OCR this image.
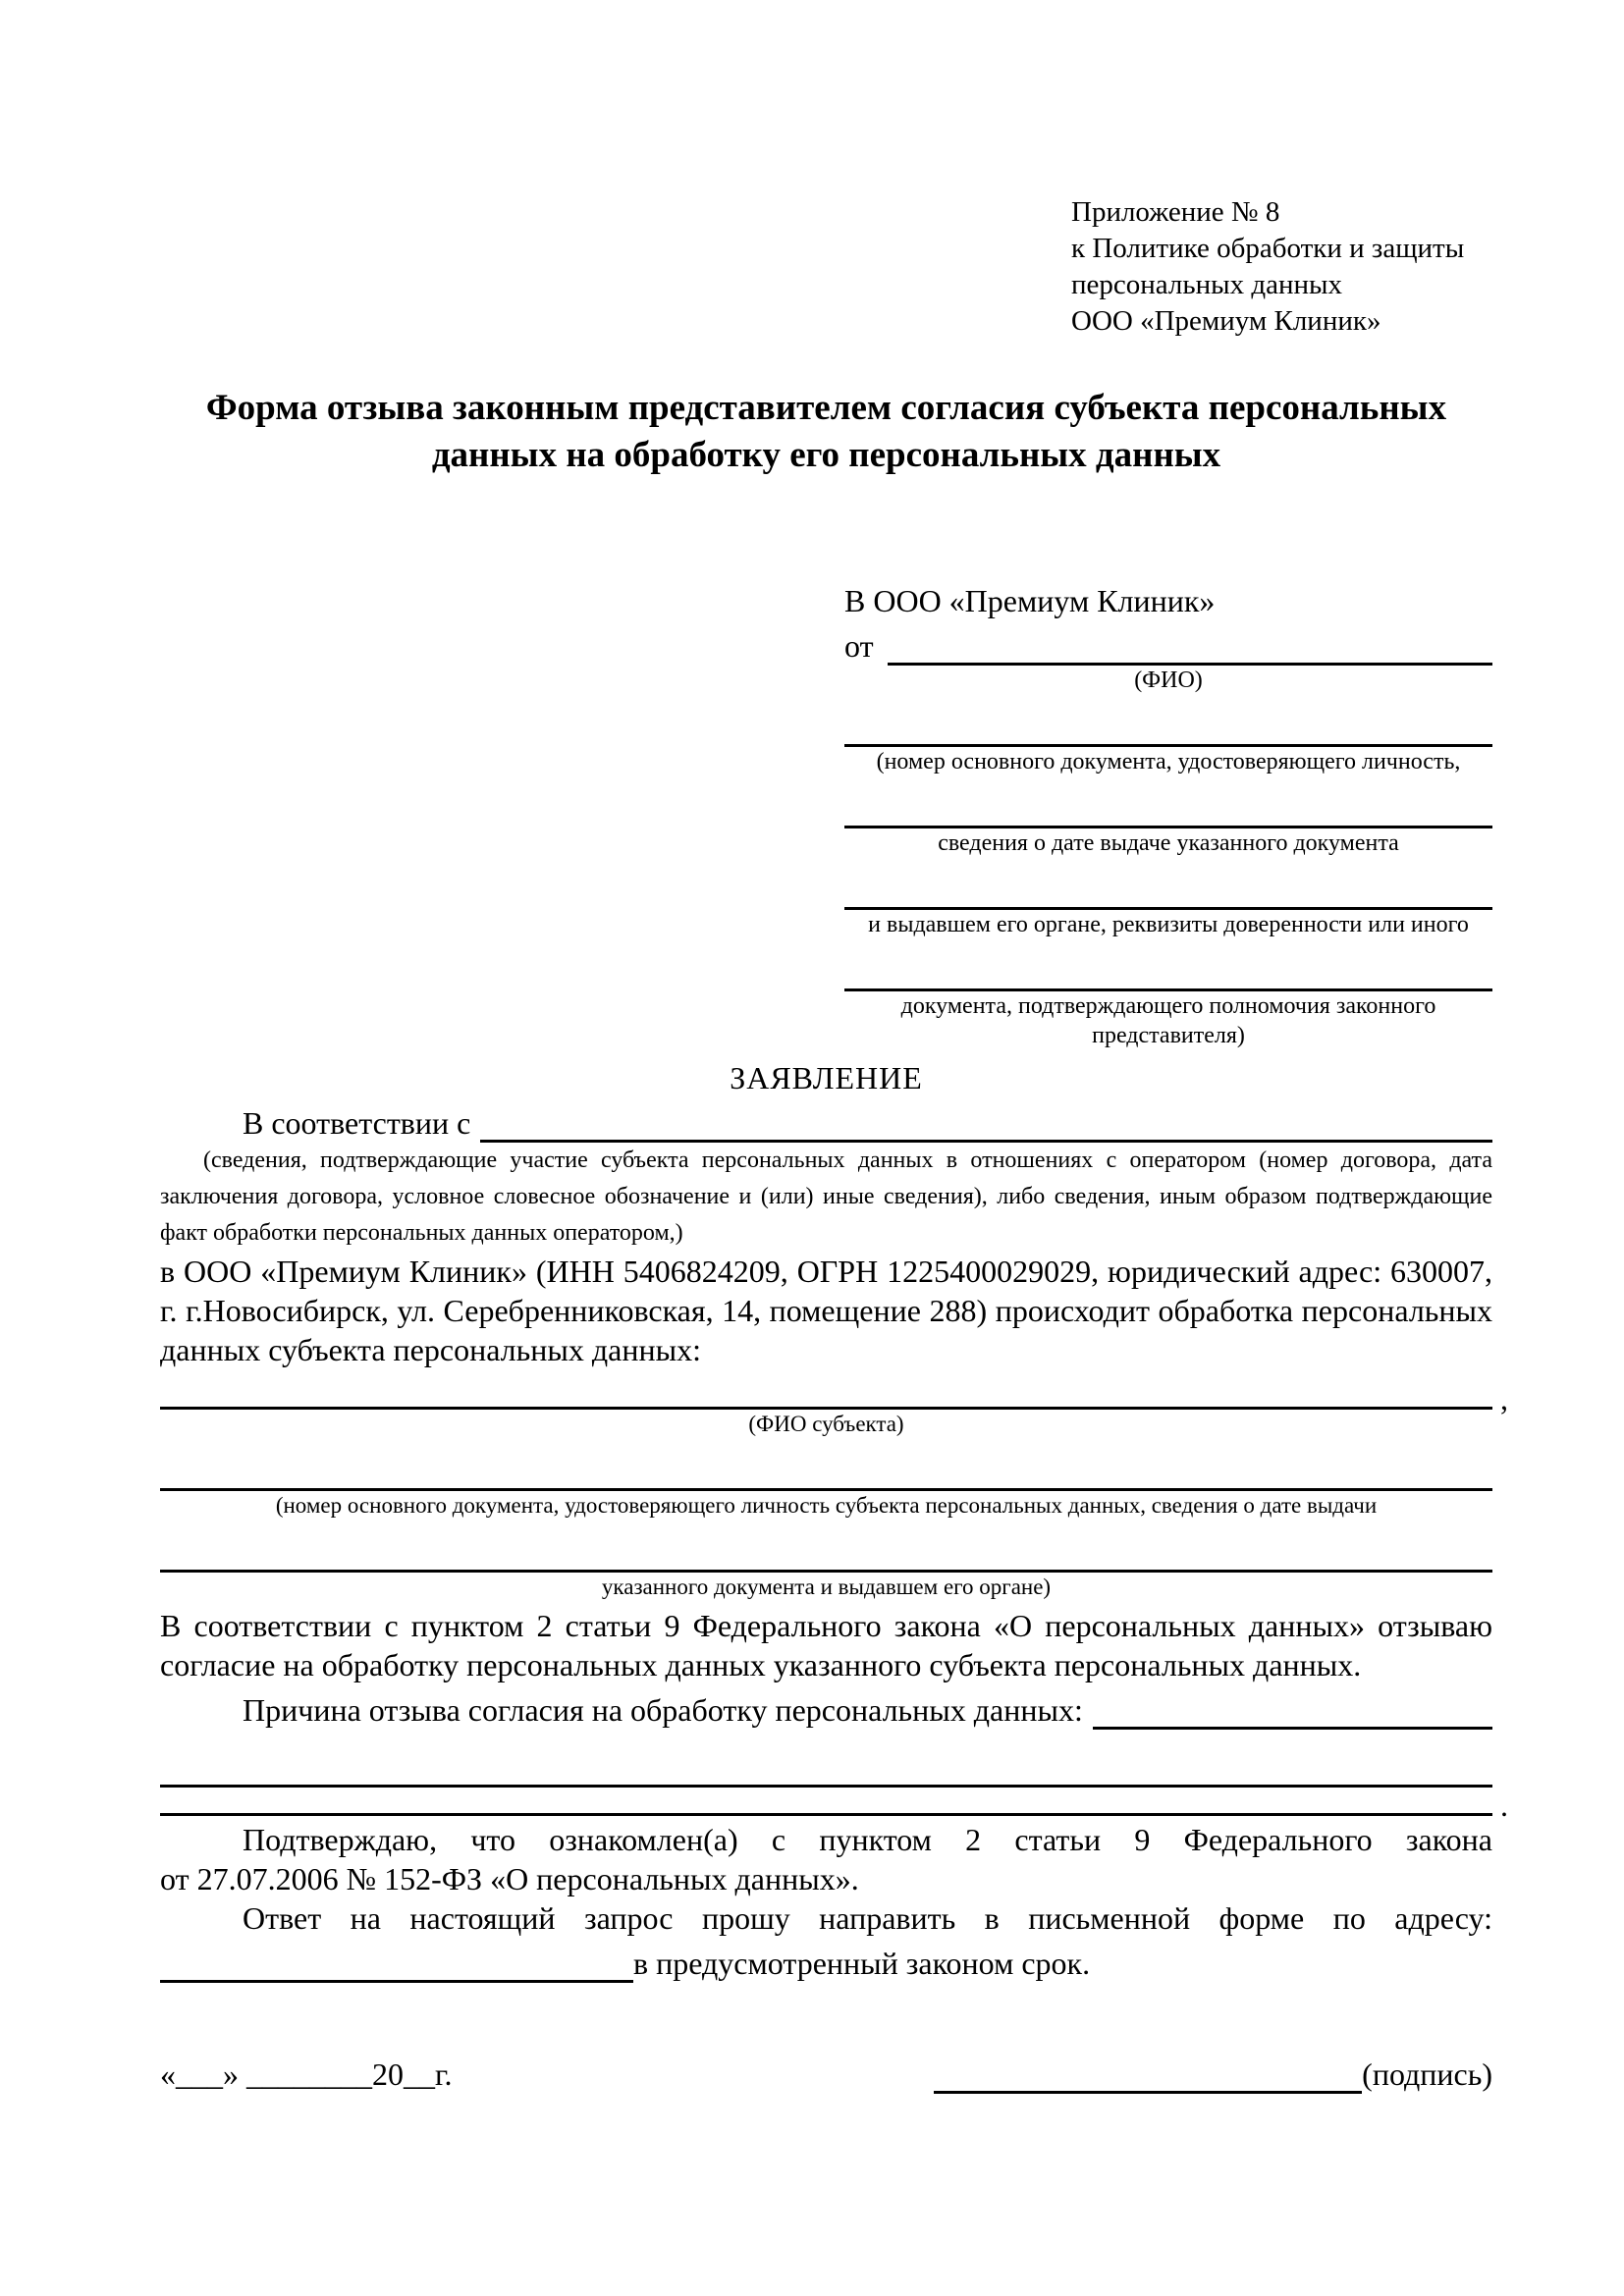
Приложение № 8
к Политике обработки и защиты
персональных данных
ООО «Премиум Клиник»
Форма отзыва законным представителем согласия субъекта персональных данных на обработку его персональных данных
В ООО «Премиум Клиник»
от
(ФИО)
(номер основного документа, удостоверяющего личность,
сведения о дате выдаче указанного документа
и выдавшем его органе, реквизиты доверенности или иного
документа, подтверждающего полномочия законного представителя)
ЗАЯВЛЕНИЕ
В соответствии с
(сведения, подтверждающие участие субъекта персональных данных в отношениях с оператором (номер договора, дата заключения договора, условное словесное обозначение и (или) иные сведения), либо сведения, иным образом подтверждающие факт обработки персональных данных оператором,)

в ООО «Премиум Клиник» (ИНН 5406824209, ОГРН 1225400029029, юридический адрес: 630007, г. г.Новосибирск, ул. Серебренниковская, 14, помещение 288) происходит обработка персональных данных субъекта персональных данных:

,
(ФИО субъекта)
(номер основного документа, удостоверяющего личность субъекта персональных данных, сведения о дате выдачи
указанного документа и выдавшем его органе)

В соответствии с пунктом 2 статьи 9 Федерального закона «О персональных данных» отзываю согласие на обработку персональных данных указанного субъекта персональных данных.

Причина отзыва согласия на обработку персональных данных:
.
Подтверждаю, что ознакомлен(а) с пунктом 2 статьи 9 Федерального закона
от 27.07.2006 № 152-ФЗ «О персональных данных».
Ответ на настоящий запрос прошу направить в письменной форме по адресу:
в предусмотренный законом срок.
«___» ________20__г.	(подпись)
